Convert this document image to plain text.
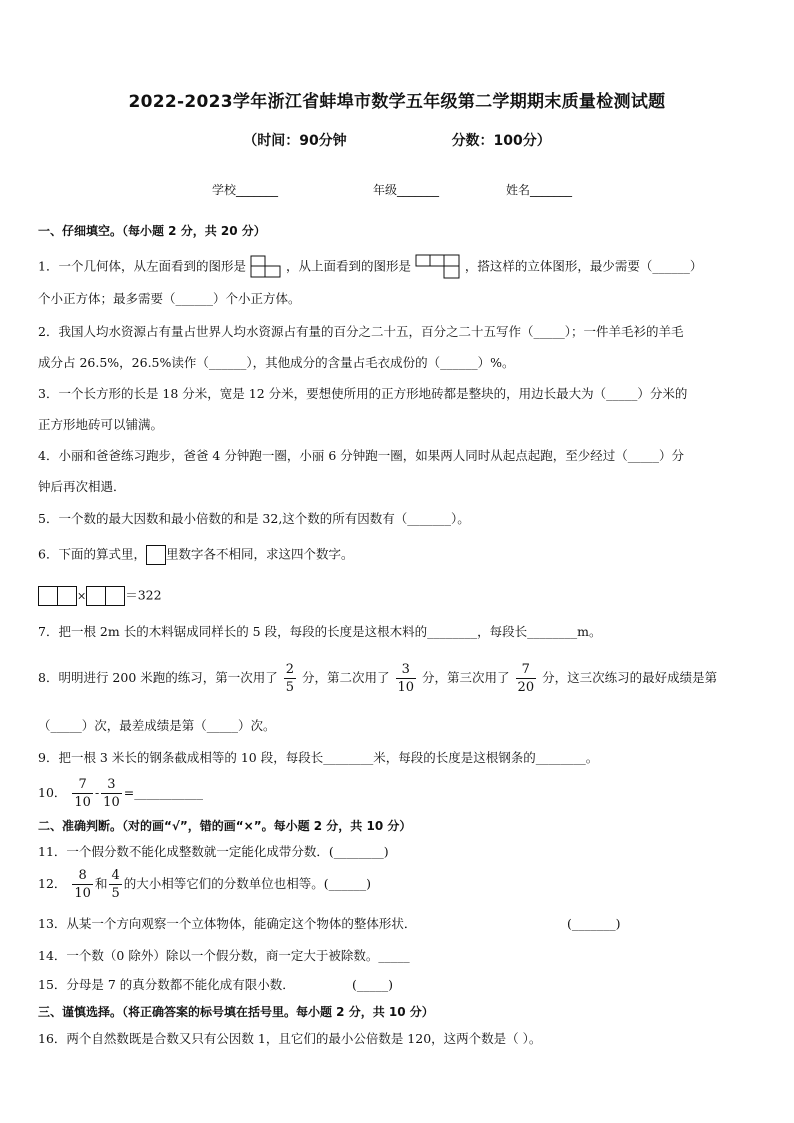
2022-2023学年浙江省蚌埠市数学五年级第二学期期末质量检测试题
（时间：90分钟	分数：100分）
学校_______	年级_______	姓名_______
一、仔细填空。（每小题 2 分，共 20 分）
1．一个几何体，从左面看到的图形是	，从上面看到的图形是	，搭这样的立体图形，最少需要（______）
个小正方体；最多需要（______）个小正方体。
2．我国人均水资源占有量占世界人均水资源占有量的百分之二十五，百分之二十五写作（_____）；一件羊毛衫的羊毛
成分占 26.5%，26.5%读作（______），其他成分的含量占毛衣成份的（______）%。
3．一个长方形的长是 18 分米，宽是 12 分米，要想使所用的正方形地砖都是整块的，用边长最大为（_____）分米的
正方形地砖可以铺满。
4．小丽和爸爸练习跑步，爸爸 4 分钟跑一圈，小丽 6 分钟跑一圈，如果两人同时从起点起跑，至少经过（_____）分
钟后再次相遇．
5．一个数的最大因数和最小倍数的和是 32,这个数的所有因数有（_______）。
6．下面的算式里， 里数字各不相同，求这四个数字。
×	＝322
7．把一根 2m 长的木料锯成同样长的 5 段，每段的长度是这根木料的________，每段长________m。
8．明明进行 200 米跑的练习，第一次用了 $\frac{2}{5}$ 分，第二次用了 $\frac{3}{10}$ 分，第三次用了 $\frac{7}{20}$ 分，这三次练习的最好成绩是第
（_____）次，最差成绩是第（_____）次。
9．把一根 3 米长的钢条截成相等的 10 段，每段长________米，每段的长度是这根钢条的________。
10． $\frac{7}{10} - \frac{3}{10}$ =___________
二、准确判断。（对的画“√”，错的画“×”。每小题 2 分，共 10 分）
11．一个假分数不能化成整数就一定能化成带分数．(________)
12． $\frac{8}{10}$ 和 $\frac{4}{5}$ 的大小相等它们的分数单位也相等。(______)
13．从某一个方向观察一个立体物体，能确定这个物体的整体形状．	(_______)
14．一个数（0 除外）除以一个假分数，商一定大于被除数。_____
15．分母是 7 的真分数都不能化成有限小数．	(_____)
三、谨慎选择。（将正确答案的标号填在括号里。每小题 2 分，共 10 分）
16．两个自然数既是合数又只有公因数 1，且它们的最小公倍数是 120，这两个数是（ ）。
